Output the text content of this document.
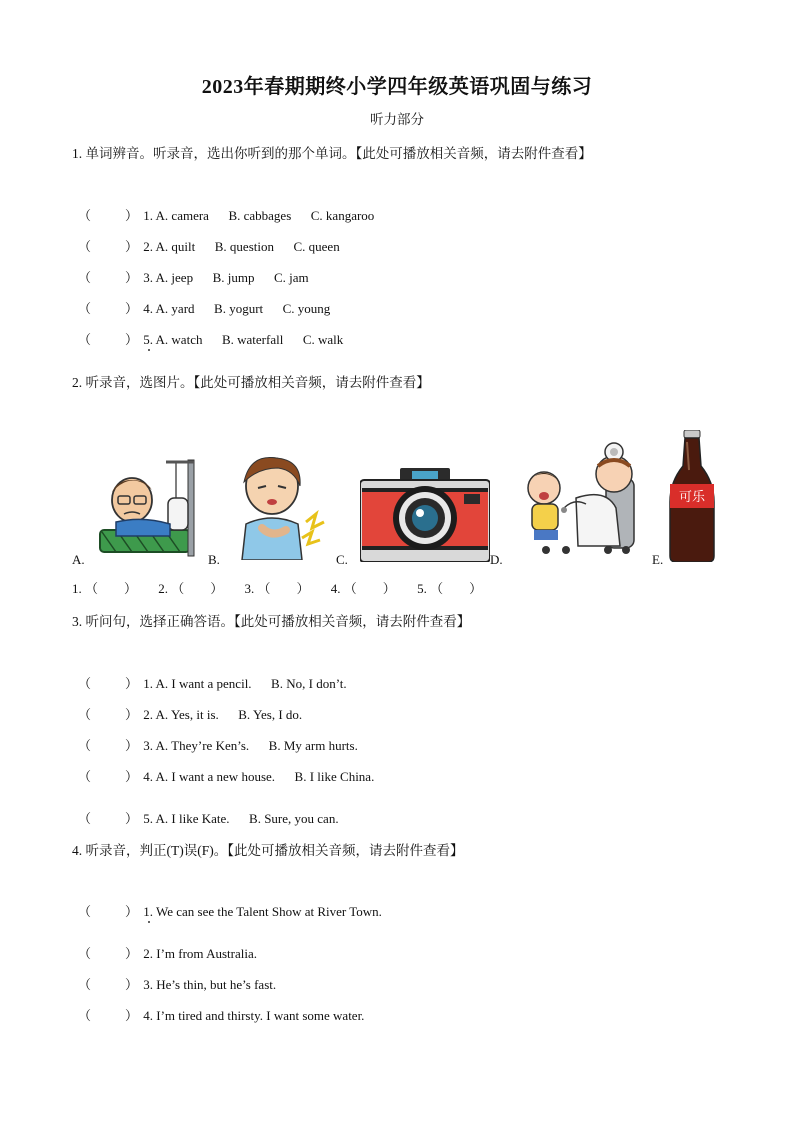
2023年春期期终小学四年级英语巩固与练习
听力部分
1. 单词辨音。听录音，选出你听到的那个单词。【此处可播放相关音频，请去附件查看】
（	） 1. A. camera      B. cabbages      C. kangaroo
（	） 2. A. quilt      B. question      C. queen
（	） 3. A. jeep      B. jump      C. jam
（	） 4. A. yard      B. yogurt      C. young
（	） 5. A. watch      B. waterfall      C. walk
2. 听录音，选图片。【此处可播放相关音频，请去附件查看】
A.	B.	C.	D.
可乐
E.
1. （        ） 2. （        ） 3. （        ） 4. （        ） 5. （        ）
3. 听问句，选择正确答语。【此处可播放相关音频，请去附件查看】
（	） 1. A. I want a pencil.      B. No, I don’t.
（	） 2. A. Yes, it is.      B. Yes, I do.
（	） 3. A. They’re Ken’s.      B. My arm hurts.
（	） 4. A. I want a new house.      B. I like China.
（	） 5. A. I like Kate.      B. Sure, you can.
4. 听录音，判正(T)误(F)。【此处可播放相关音频，请去附件查看】
（	） 1. We can see the Talent Show at River Town.
（	） 2. I’m from Australia.
（	） 3. He’s thin, but he’s fast.
（	） 4. I’m tired and thirsty. I want some water.
